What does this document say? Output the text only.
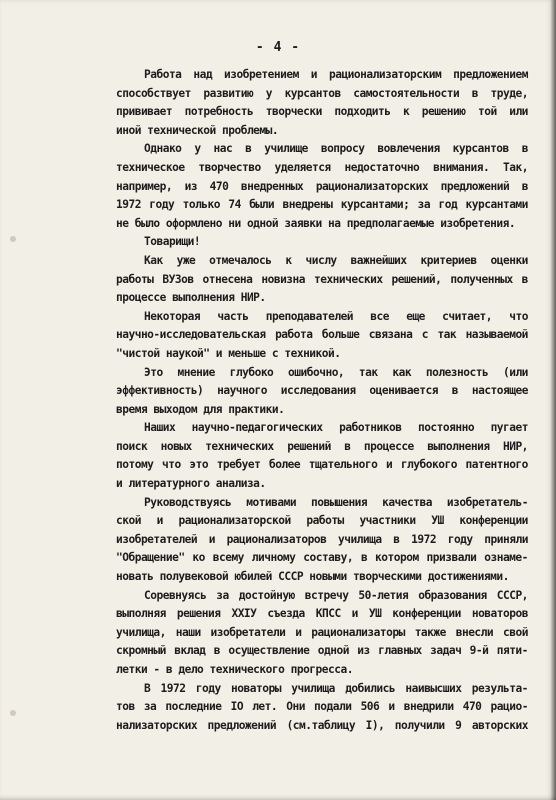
- 4 -
Работа над изобретением и рационализаторским предложением
способствует развитию у курсантов самостоятельности в труде,
прививает потребность творчески подходить к решению той или
иной технической проблемы.
Однако у нас в училище вопросу вовлечения курсантов в
техническое творчество уделяется недостаточно внимания. Так,
например, из 470 внедренных рационализаторских предложений в
1972 году только 74 были внедрены курсантами; за год курсантами
не было оформлено ни одной заявки на предполагаемые изобретения.
Товарищи!
Как уже отмечалось к числу важнейших критериев оценки
работы ВУЗов отнесена новизна технических решений, полученных в
процессе выполнения НИР.
Некоторая часть преподавателей все еще считает, что
научно-исследовательская работа больше связана с так называемой
"чистой наукой" и меньше с техникой.
Это мнение глубоко ошибочно, так как полезность (или
эффективность) научного исследования оценивается в настоящее
время выходом для практики.
Наших научно-педагогических работников постоянно пугает
поиск новых технических решений в процессе выполнения НИР,
потому что это требует более тщательного и глубокого патентного
и литературного анализа.
Руководствуясь мотивами повышения качества изобретатель-
ской и рационализаторской работы участники УШ конференции
изобретателей и рационализаторов училища в 1972 году приняли
"Обращение" ко всему личному составу, в котором призвали ознаме-
новать полувековой юбилей СССР новыми творческими достижениями.
Соревнуясь за достойную встречу 50-летия образования СССР,
выполняя решения ХХIУ съезда КПСС и УШ конференции новаторов
училища, наши изобретатели и рационализаторы также внесли свой
скромный вклад в осуществление одной из главных задач 9-й пяти-
летки - в дело технического прогресса.
В 1972 году новаторы училища добились наивысших результа-
тов за последние IO лет. Они подали 506 и внедрили 470 рацио-
нализаторских предложений (см.таблицу I), получили 9 авторских
